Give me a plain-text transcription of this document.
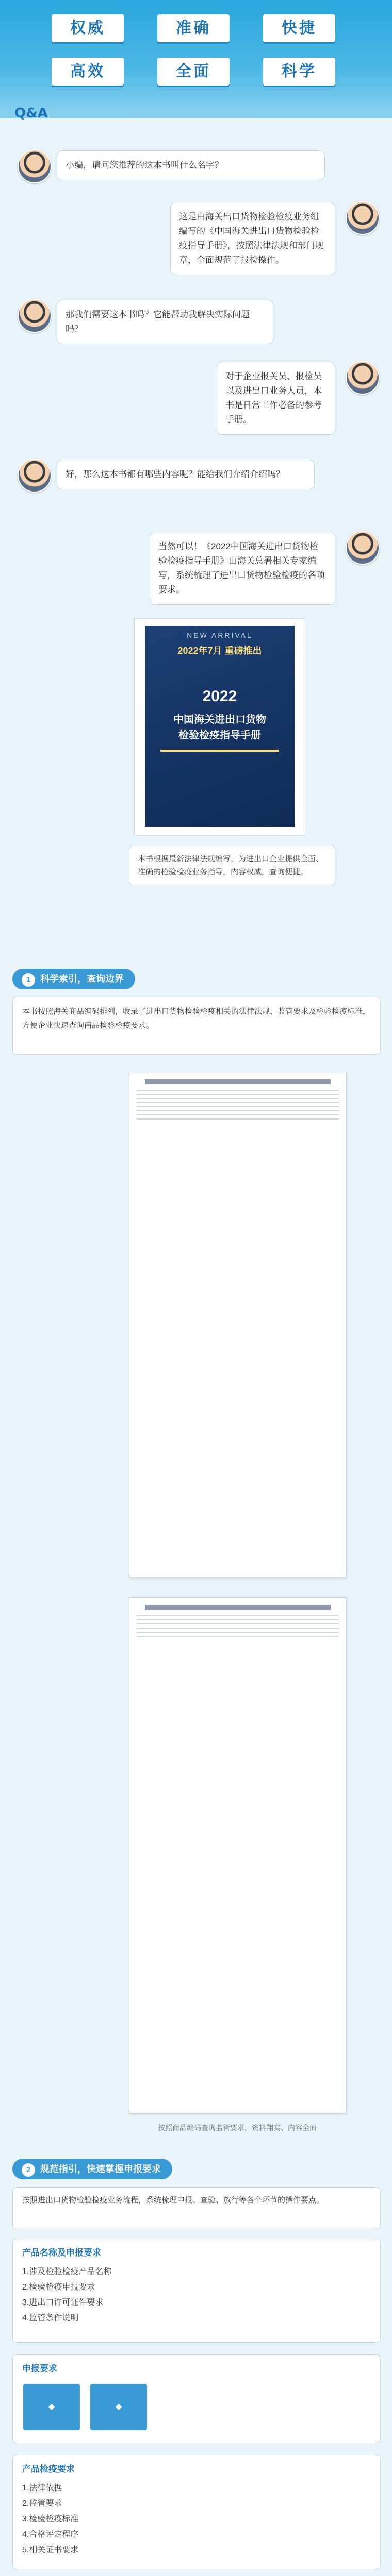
权威	准确	快捷
高效	全面	科学
Q&A
小编，请问您推荐的这本书叫什么名字？
这是由海关出口货物检验检疫业务组编写的《中国海关进出口货物检验检疫指导手册》，按照法律法规和部门规章，全面规范了报检操作。
那我们需要这本书吗？它能帮助我解决实际问题吗？
对于企业报关员、报检员以及进出口业务人员，本书是日常工作必备的参考手册。
好，那么这本书都有哪些内容呢？能给我们介绍介绍吗？
当然可以！《2022中国海关进出口货物检验检疫指导手册》由海关总署相关专家编写，系统梳理了进出口货物检验检疫的各项要求。
NEW ARRIVAL
2022年7月 重磅推出
2022
中国海关进出口货物
检验检疫指导手册
本书根据最新法律法规编写，为进出口企业提供全面、准确的检验检疫业务指导，内容权威，查询便捷。
1 科学索引，查询边界
本书按照海关商品编码排列，收录了进出口货物检验检疫相关的法律法规、监管要求及检验检疫标准，方便企业快速查询商品检验检疫要求。
按照商品编码查询监管要求，资料翔实、内容全面
2 规范指引，快速掌握申报要求
按照进出口货物检验检疫业务流程，系统梳理申报、查验、放行等各个环节的操作要点。
产品名称及申报要求
1.涉及检验检疫产品名称
2.检验检疫申报要求
3.进出口许可证件要求
4.监管条件说明
申报要求
◆	◆
产品检疫要求
1.法律依据
2.监管要求
3.检验检疫标准
4.合格评定程序
5.相关证书要求
